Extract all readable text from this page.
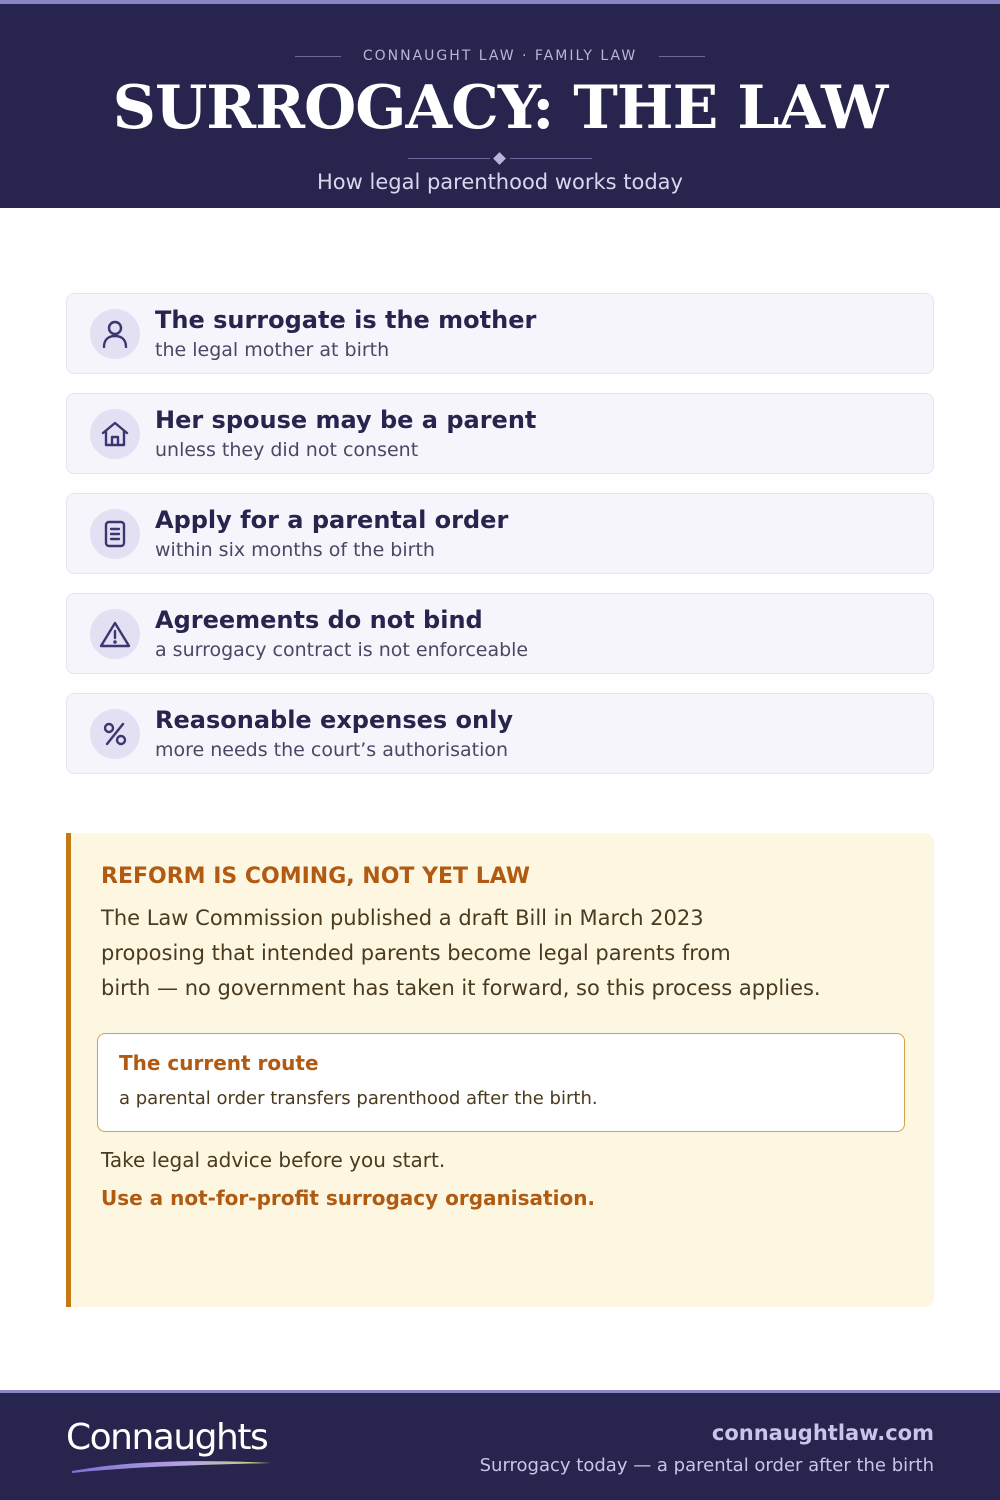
CONNAUGHT LAW · FAMILY LAW
SURROGACY: THE LAW
How legal parenthood works today
The surrogate is the mother
the legal mother at birth
Her spouse may be a parent
unless they did not consent
Apply for a parental order
within six months of the birth
Agreements do not bind
a surrogacy contract is not enforceable
Reasonable expenses only
more needs the court’s authorisation
REFORM IS COMING, NOT YET LAW
The Law Commission published a draft Bill in March 2023
proposing that intended parents become legal parents from
birth — no government has taken it forward, so this process applies.
The current route
a parental order transfers parenthood after the birth.
Take legal advice before you start.
Use a not-for-profit surrogacy organisation.
Connaughts	connaughtlaw.com
Surrogacy today — a parental order after the birth
